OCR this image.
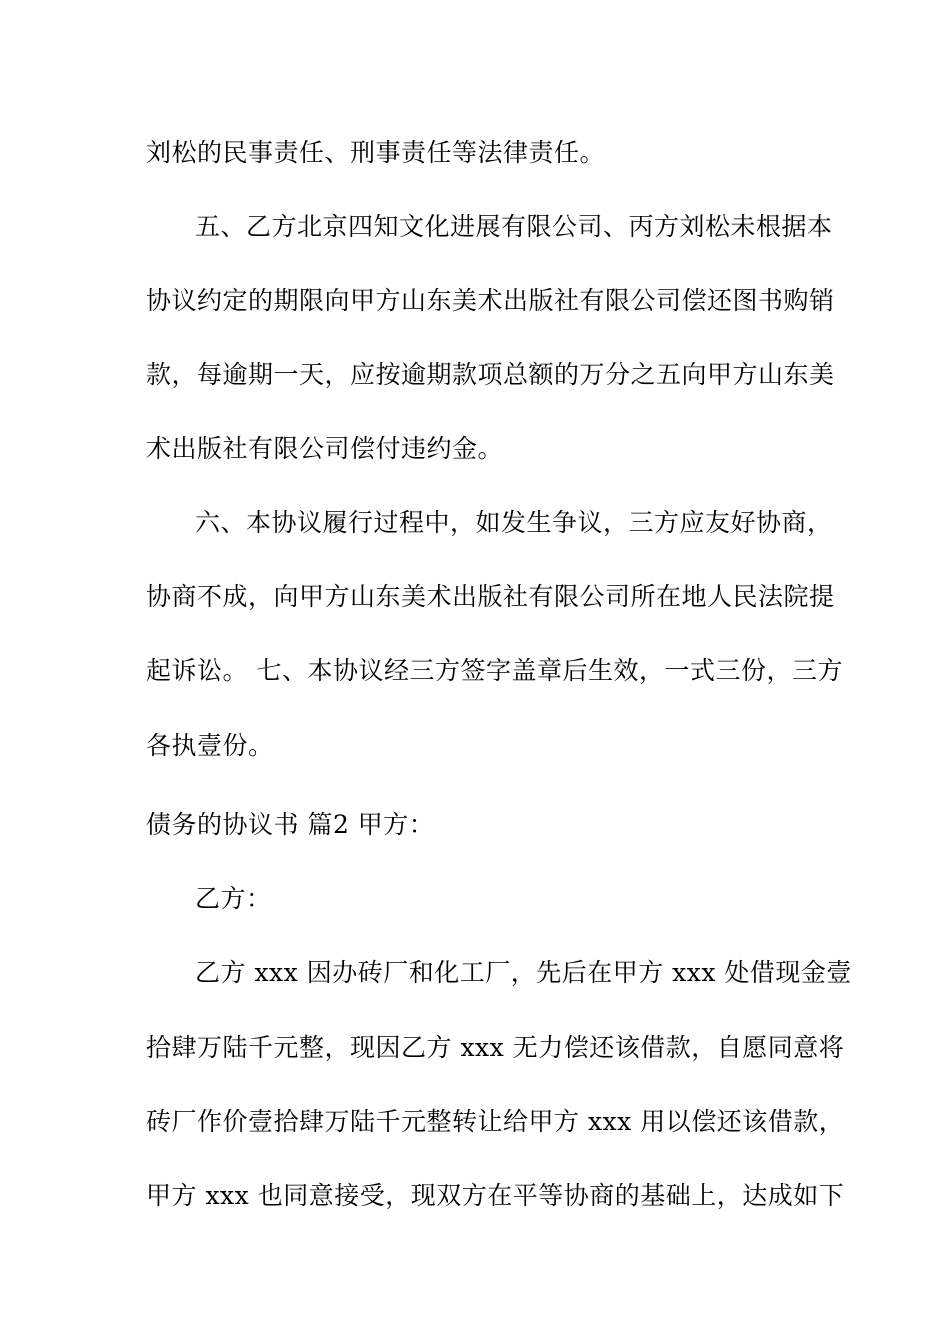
刘松的民事责任、刑事责任等法律责任。
五、乙方北京四知文化进展有限公司、丙方刘松未根据本
协议约定的期限向甲方山东美术出版社有限公司偿还图书购销
款，每逾期一天，应按逾期款项总额的万分之五向甲方山东美
术出版社有限公司偿付违约金。
六、本协议履行过程中，如发生争议，三方应友好协商，
协商不成，向甲方山东美术出版社有限公司所在地人民法院提
起诉讼。 七、本协议经三方签字盖章后生效，一式三份，三方
各执壹份。
债务的协议书 篇2 甲方：
乙方：
乙方 xxx 因办砖厂和化工厂，先后在甲方 xxx 处借现金壹
拾肆万陆千元整，现因乙方 xxx 无力偿还该借款，自愿同意将
砖厂作价壹拾肆万陆千元整转让给甲方 xxx 用以偿还该借款，
甲方 xxx 也同意接受，现双方在平等协商的基础上，达成如下
